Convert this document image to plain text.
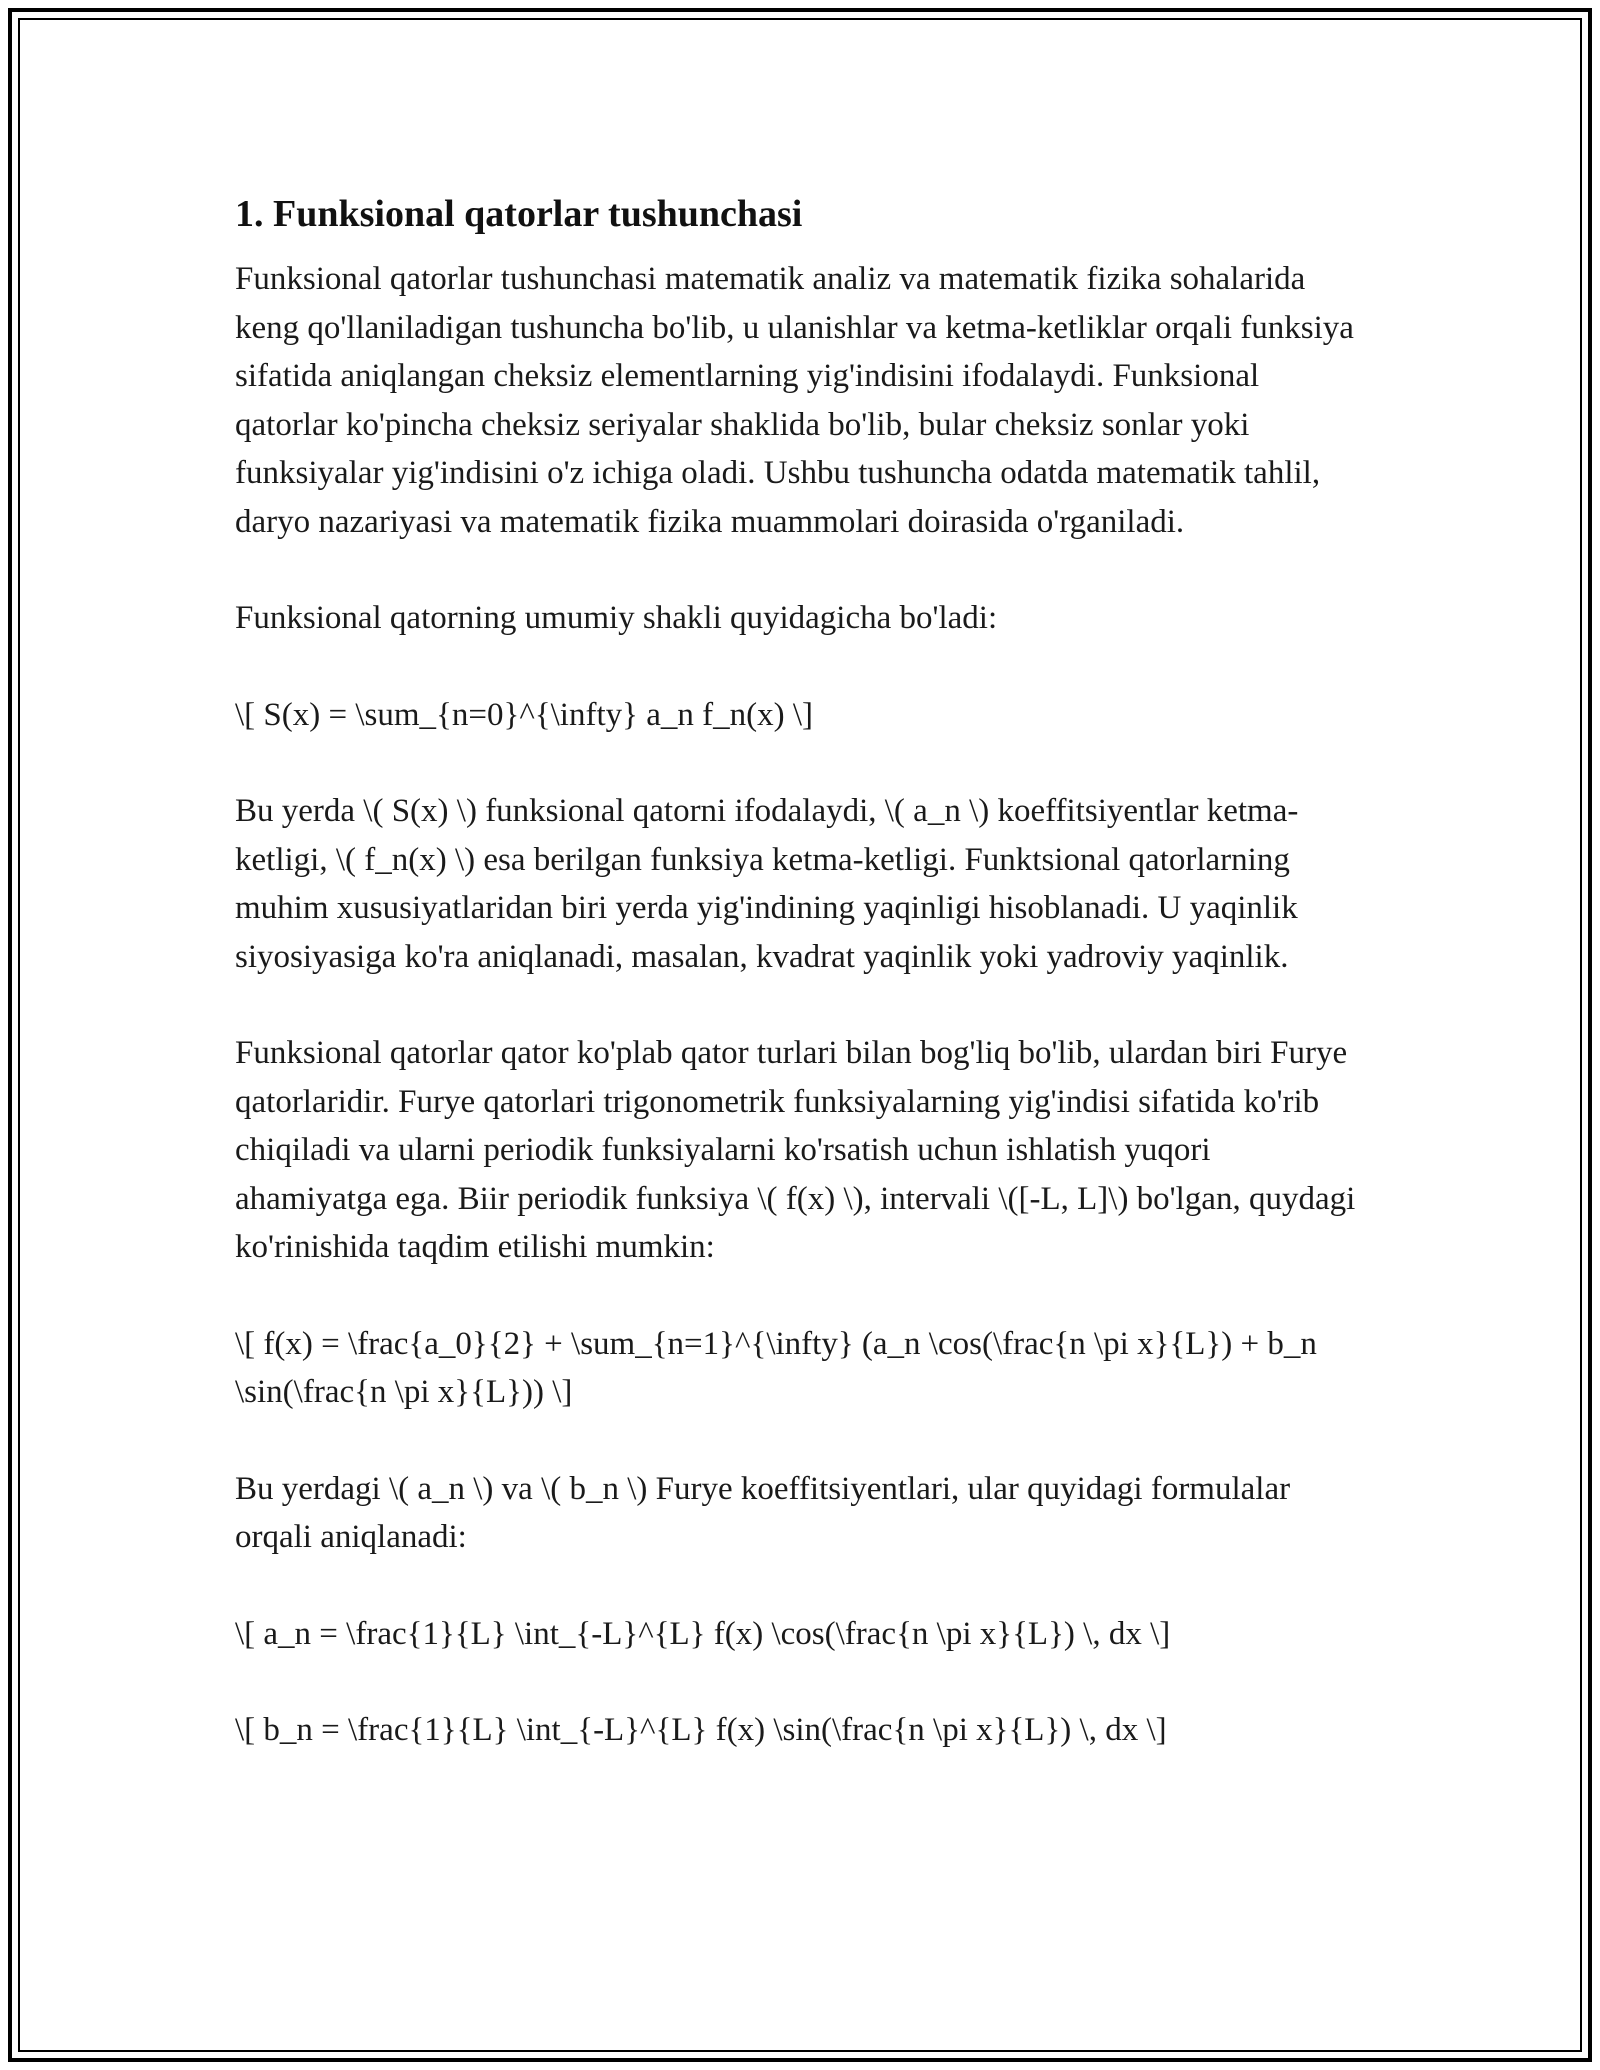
1. Funksional qatorlar tushunchasi

Funksional qatorlar tushunchasi matematik analiz va matematik fizika sohalarida keng qo'llaniladigan tushuncha bo'lib, u ulanishlar va ketma-ketliklar orqali funksiya sifatida aniqlangan cheksiz elementlarning yig'indisini ifodalaydi. Funksional qatorlar ko'pincha cheksiz seriyalar shaklida bo'lib, bular cheksiz sonlar yoki funksiyalar yig'indisini o'z ichiga oladi. Ushbu tushuncha odatda matematik tahlil, daryo nazariyasi va matematik fizika muammolari doirasida o'rganiladi.

Funksional qatorning umumiy shakli quyidagicha bo'ladi:

\[ S(x) = \sum_{n=0}^{\infty} a_n f_n(x) \]

Bu yerda \( S(x) \) funksional qatorni ifodalaydi, \( a_n \) koeffitsiyentlar ketma-ketligi, \( f_n(x) \) esa berilgan funksiya ketma-ketligi. Funktsional qatorlarning muhim xususiyatlaridan biri yerda yig'indining yaqinligi hisoblanadi. U yaqinlik siyosiyasiga ko'ra aniqlanadi, masalan, kvadrat yaqinlik yoki yadroviy yaqinlik.

Funksional qatorlar qator ko'plab qator turlari bilan bog'liq bo'lib, ulardan biri Furye qatorlaridir. Furye qatorlari trigonometrik funksiyalarning yig'indisi sifatida ko'rib chiqiladi va ularni periodik funksiyalarni ko'rsatish uchun ishlatish yuqori ahamiyatga ega. Biir periodik funksiya \( f(x) \), intervali \([-L, L]\) bo'lgan, quydagi ko'rinishida taqdim etilishi mumkin:

\[ f(x) = \frac{a_0}{2} + \sum_{n=1}^{\infty} (a_n \cos(\frac{n \pi x}{L}) + b_n \sin(\frac{n \pi x}{L})) \]

Bu yerdagi \( a_n \) va \( b_n \) Furye koeffitsiyentlari, ular quyidagi formulalar orqali aniqlanadi:

\[ a_n = \frac{1}{L} \int_{-L}^{L} f(x) \cos(\frac{n \pi x}{L}) \, dx \]

\[ b_n = \frac{1}{L} \int_{-L}^{L} f(x) \sin(\frac{n \pi x}{L}) \, dx \]
